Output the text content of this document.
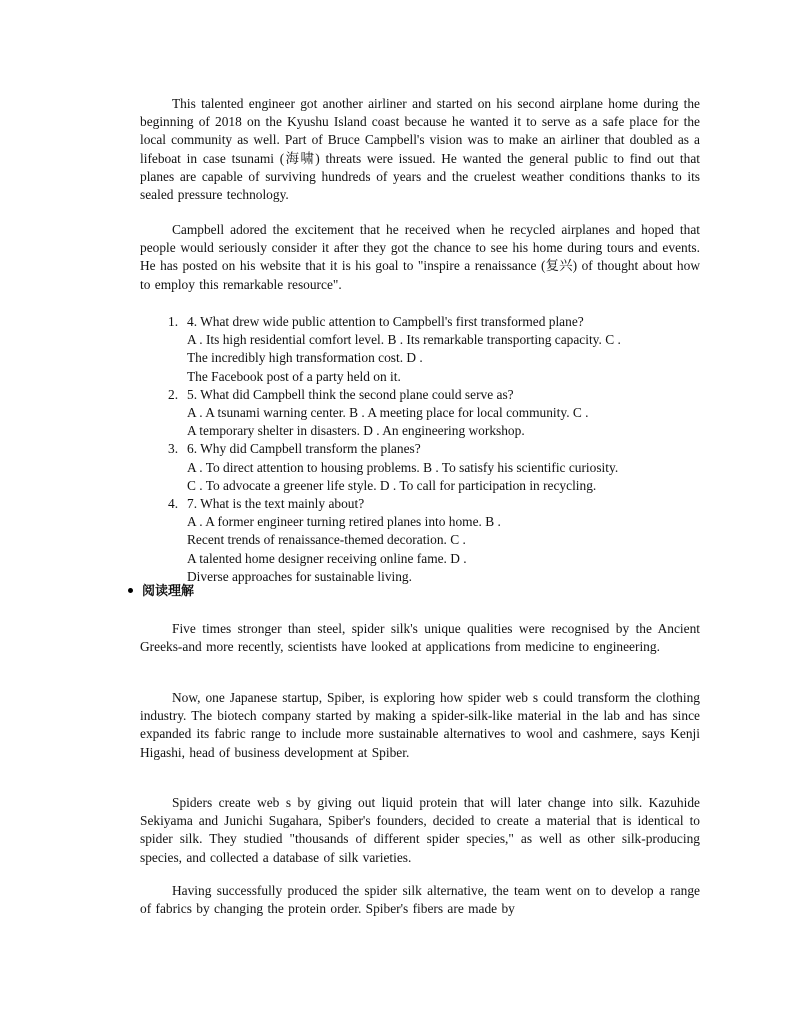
This talented engineer got another airliner and started on his second airplane home during the beginning of 2018 on the Kyushu Island coast because he wanted it to serve as a safe place for the local community as well. Part of Bruce Campbell's vision was to make an airliner that doubled as a lifeboat in case tsunami (海啸) threats were issued. He wanted the general public to find out that planes are capable of surviving hundreds of years and the cruelest weather conditions thanks to its sealed pressure technology.

Campbell adored the excitement that he received when he recycled airplanes and hoped that people would seriously consider it after they got the chance to see his home during tours and events. He has posted on his website that it is his goal to "inspire a renaissance (复兴) of thought about how to employ this remarkable resource".

1. 4. What drew wide public attention to Campbell's first transformed plane?
A . Its high residential comfort level. B . Its remarkable transporting capacity. C .
The incredibly high transformation cost. D .
The Facebook post of a party held on it.
2. 5. What did Campbell think the second plane could serve as?
A . A tsunami warning center. B . A meeting place for local community. C .
A temporary shelter in disasters. D . An engineering workshop.
3. 6. Why did Campbell transform the planes?
A . To direct attention to housing problems. B . To satisfy his scientific curiosity.
C . To advocate a greener life style. D . To call for participation in recycling.
4. 7. What is the text mainly about?
A . A former engineer turning retired planes into home. B .
Recent trends of renaissance-themed decoration. C .
A talented home designer receiving online fame. D .
Diverse approaches for sustainable living.
阅读理解

Five times stronger than steel, spider silk's unique qualities were recognised by the Ancient Greeks-and more recently, scientists have looked at applications from medicine to engineering.

Now, one Japanese startup, Spiber, is exploring how spider web s could transform the clothing industry. The biotech company started by making a spider-silk-like material in the lab and has since expanded its fabric range to include more sustainable alternatives to wool and cashmere, says Kenji Higashi, head of business development at Spiber.

Spiders create web s by giving out liquid protein that will later change into silk. Kazuhide Sekiyama and Junichi Sugahara, Spiber's founders, decided to create a material that is identical to spider silk. They studied "thousands of different spider species," as well as other silk-producing species, and collected a database of silk varieties.

Having successfully produced the spider silk alternative, the team went on to develop a range of fabrics by changing the protein order. Spiber's fibers are made by
